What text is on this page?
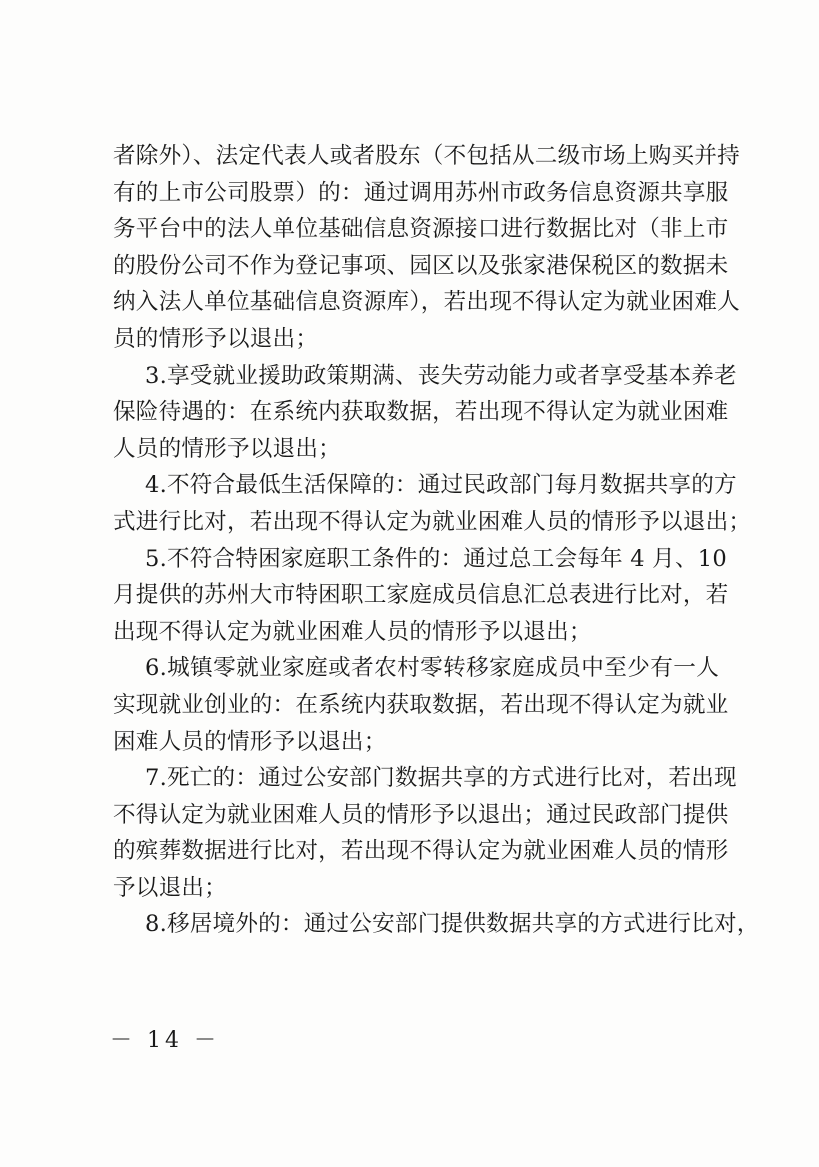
者除外）、法定代表人或者股东（不包括从二级市场上购买并持
有的上市公司股票）的：通过调用苏州市政务信息资源共享服
务平台中的法人单位基础信息资源接口进行数据比对（非上市
的股份公司不作为登记事项、园区以及张家港保税区的数据未
纳入法人单位基础信息资源库），若出现不得认定为就业困难人
员的情形予以退出；
3.享受就业援助政策期满、丧失劳动能力或者享受基本养老
保险待遇的：在系统内获取数据，若出现不得认定为就业困难
人员的情形予以退出；
4.不符合最低生活保障的：通过民政部门每月数据共享的方
式进行比对，若出现不得认定为就业困难人员的情形予以退出；
5.不符合特困家庭职工条件的：通过总工会每年 4 月、10
月提供的苏州大市特困职工家庭成员信息汇总表进行比对，若
出现不得认定为就业困难人员的情形予以退出；
6.城镇零就业家庭或者农村零转移家庭成员中至少有一人
实现就业创业的：在系统内获取数据，若出现不得认定为就业
困难人员的情形予以退出；
7.死亡的：通过公安部门数据共享的方式进行比对，若出现
不得认定为就业困难人员的情形予以退出；通过民政部门提供
的殡葬数据进行比对，若出现不得认定为就业困难人员的情形
予以退出；
8.移居境外的：通过公安部门提供数据共享的方式进行比对，
－ 14 －
